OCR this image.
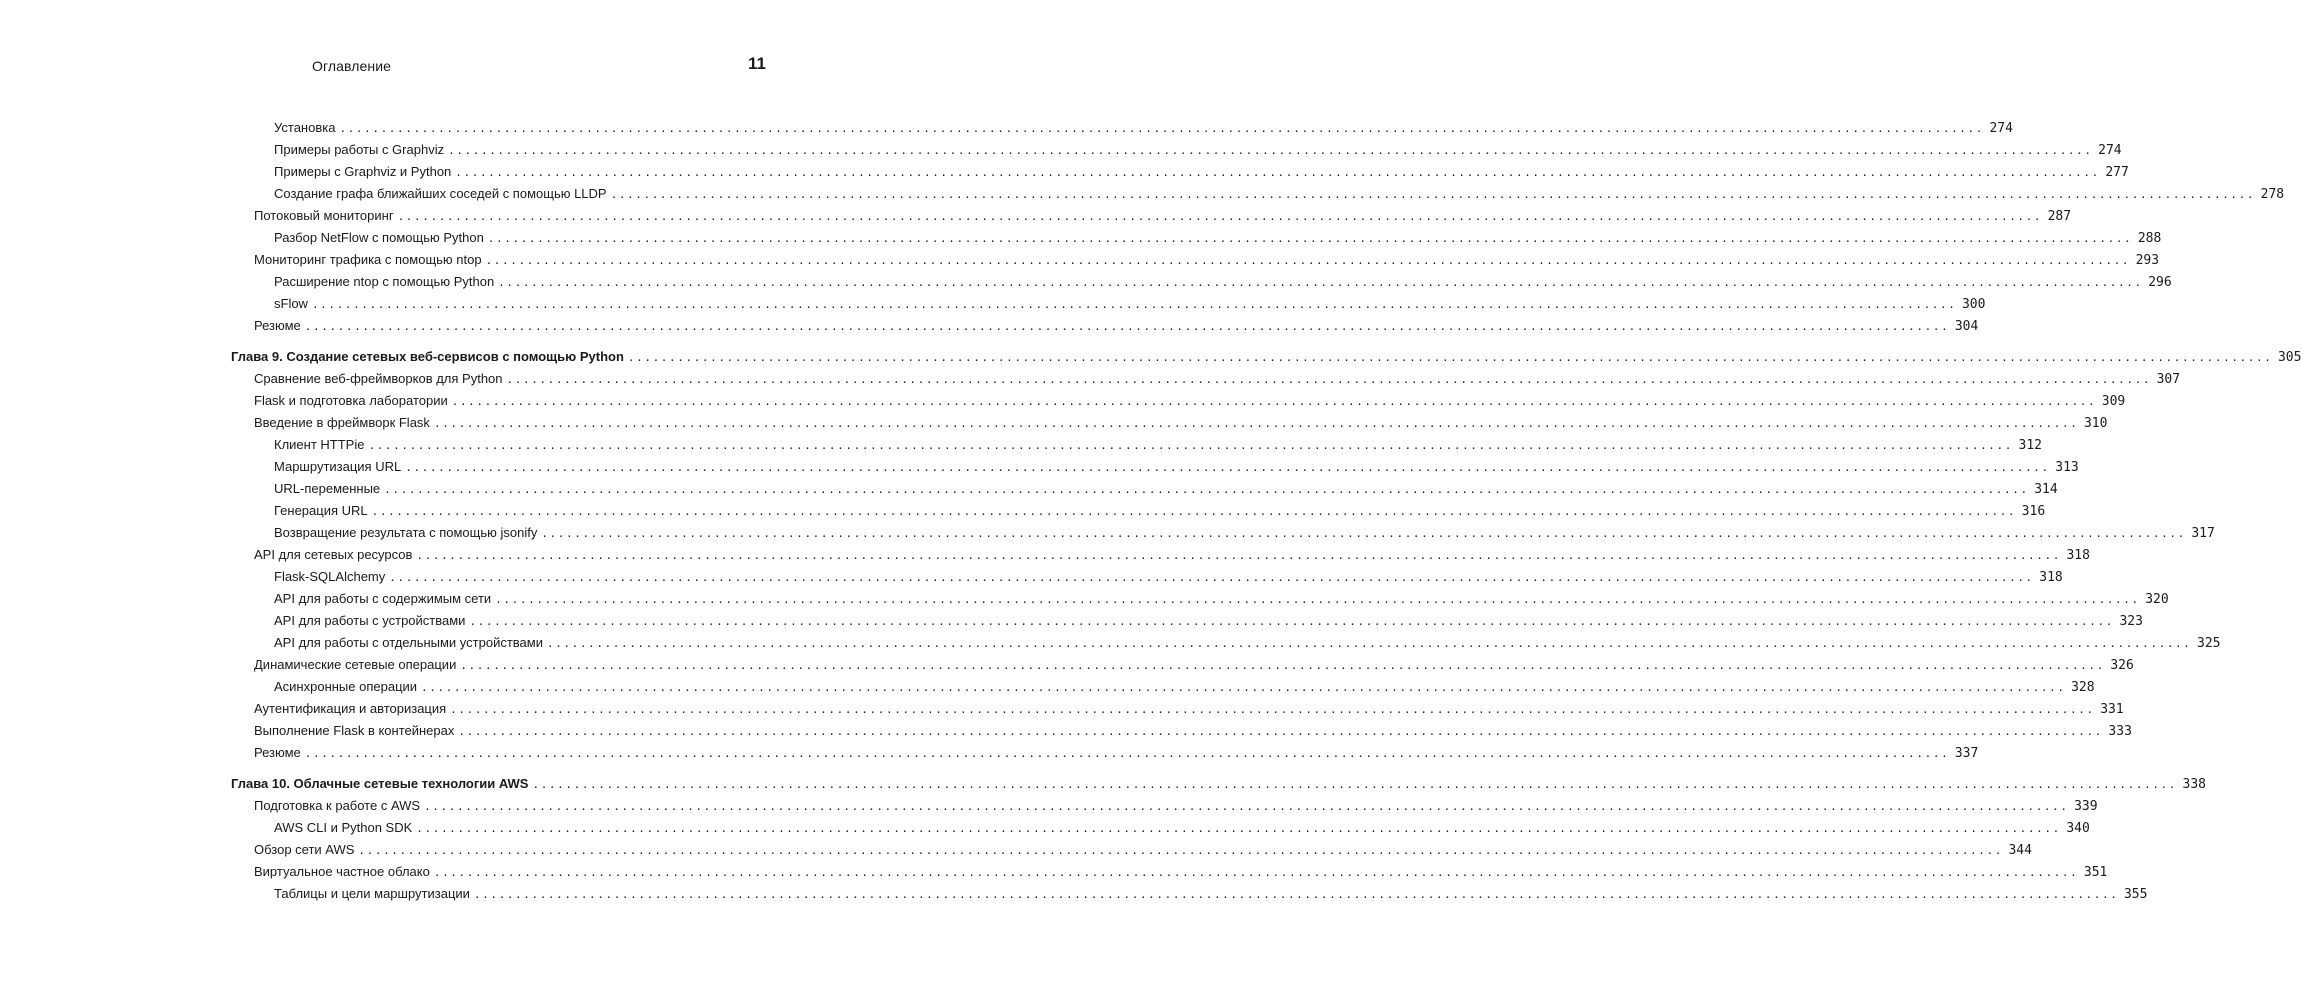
Оглавление	11
Установка ........................................................................................................................................................................................................ 274
Примеры работы с Graphviz ........................................................................................................................................................................................................ 274
Примеры с Graphviz и Python ........................................................................................................................................................................................................ 277
Создание графа ближайших соседей с помощью LLDP ........................................................................................................................................................................................................ 278
Потоковый мониторинг ........................................................................................................................................................................................................ 287
Разбор NetFlow с помощью Python ........................................................................................................................................................................................................ 288
Мониторинг трафика с помощью ntop ........................................................................................................................................................................................................ 293
Расширение ntop с помощью Python ........................................................................................................................................................................................................ 296
sFlow ........................................................................................................................................................................................................ 300
Резюме ........................................................................................................................................................................................................ 304
Глава 9. Создание сетевых веб-сервисов с помощью Python ........................................................................................................................................................................................................ 305
Сравнение веб-фреймворков для Python ........................................................................................................................................................................................................ 307
Flask и подготовка лаборатории ........................................................................................................................................................................................................ 309
Введение в фреймворк Flask ........................................................................................................................................................................................................ 310
Клиент HTTPie ........................................................................................................................................................................................................ 312
Маршрутизация URL ........................................................................................................................................................................................................ 313
URL-переменные ........................................................................................................................................................................................................ 314
Генерация URL ........................................................................................................................................................................................................ 316
Возвращение результата с помощью jsonify ........................................................................................................................................................................................................ 317
API для сетевых ресурсов ........................................................................................................................................................................................................ 318
Flask-SQLAlchemy ........................................................................................................................................................................................................ 318
API для работы с содержимым сети ........................................................................................................................................................................................................ 320
API для работы с устройствами ........................................................................................................................................................................................................ 323
API для работы с отдельными устройствами ........................................................................................................................................................................................................ 325
Динамические сетевые операции ........................................................................................................................................................................................................ 326
Асинхронные операции ........................................................................................................................................................................................................ 328
Аутентификация и авторизация ........................................................................................................................................................................................................ 331
Выполнение Flask в контейнерах ........................................................................................................................................................................................................ 333
Резюме ........................................................................................................................................................................................................ 337
Глава 10. Облачные сетевые технологии AWS ........................................................................................................................................................................................................ 338
Подготовка к работе с AWS ........................................................................................................................................................................................................ 339
AWS CLI и Python SDK ........................................................................................................................................................................................................ 340
Обзор сети AWS ........................................................................................................................................................................................................ 344
Виртуальное частное облако ........................................................................................................................................................................................................ 351
Таблицы и цели маршрутизации ........................................................................................................................................................................................................ 355
